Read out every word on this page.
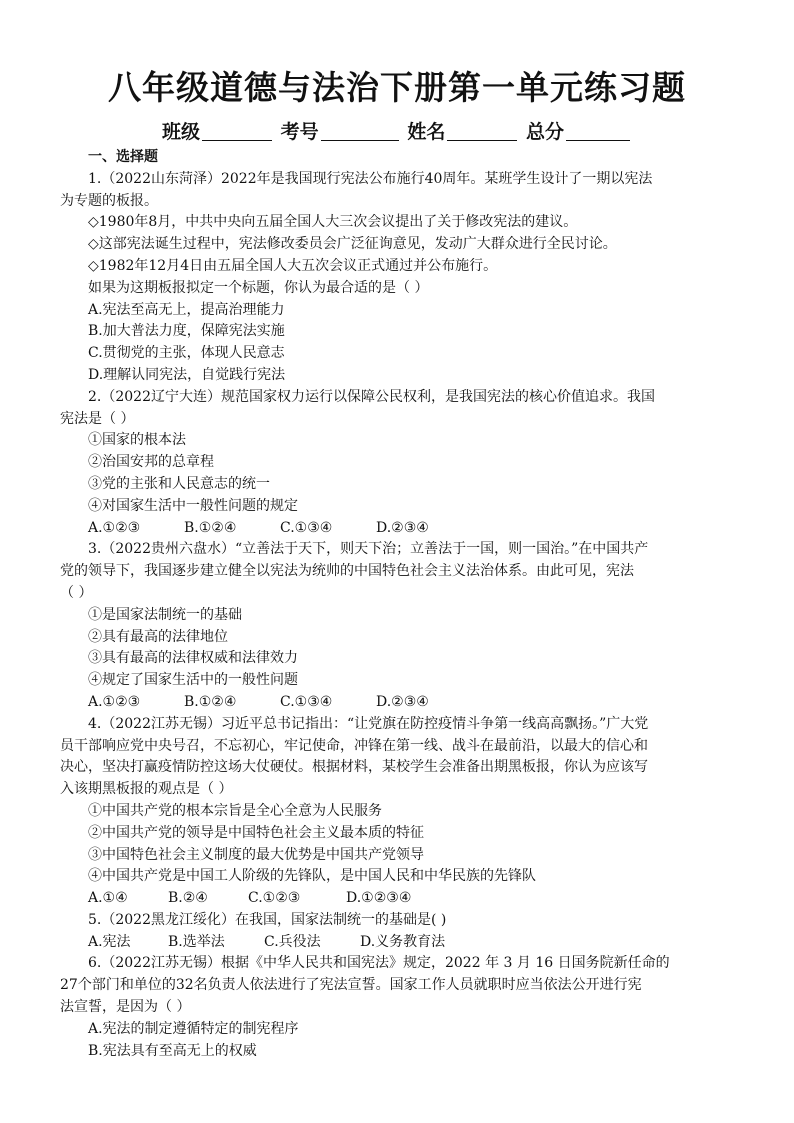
八年级道德与法治下册第一单元练习题
班级	考号	姓名	总分
一、选择题
1.（2022山东菏泽）2022年是我国现行宪法公布施行40周年。某班学生设计了一期以宪法
为专题的板报。
◇1980年8月，中共中央向五届全国人大三次会议提出了关于修改宪法的建议。
◇这部宪法诞生过程中，宪法修改委员会广泛征询意见，发动广大群众进行全民讨论。
◇1982年12月4日由五届全国人大五次会议正式通过并公布施行。
如果为这期板报拟定一个标题，你认为最合适的是（ ）
A.宪法至高无上，提高治理能力
B.加大普法力度，保障宪法实施
C.贯彻党的主张，体现人民意志
D.理解认同宪法，自觉践行宪法
2.（2022辽宁大连）规范国家权力运行以保障公民权利，是我国宪法的核心价值追求。我国
宪法是（ ）
①国家的根本法
②治国安邦的总章程
③党的主张和人民意志的统一
④对国家生活中一般性问题的规定
A.①②③	B.①②④	C.①③④	D.②③④
3.（2022贵州六盘水）“立善法于天下，则天下治；立善法于一国，则一国治。”在中国共产
党的领导下，我国逐步建立健全以宪法为统帅的中国特色社会主义法治体系。由此可见，宪法
（ ）
①是国家法制统一的基础
②具有最高的法律地位
③具有最高的法律权威和法律效力
④规定了国家生活中的一般性问题
A.①②③	B.①②④	C.①③④	D.②③④
4.（2022江苏无锡）习近平总书记指出：“让党旗在防控疫情斗争第一线高高飘扬。”广大党
员干部响应党中央号召，不忘初心，牢记使命，冲锋在第一线、战斗在最前沿，以最大的信心和
决心，坚决打赢疫情防控这场大仗硬仗。根据材料，某校学生会准备出期黑板报，你认为应该写
入该期黑板报的观点是（ ）
①中国共产党的根本宗旨是全心全意为人民服务
②中国共产党的领导是中国特色社会主义最本质的特征
③中国特色社会主义制度的最大优势是中国共产党领导
④中国共产党是中国工人阶级的先锋队，是中国人民和中华民族的先锋队
A.①④	B.②④	C.①②③	D.①②③④
5.（2022黑龙江绥化）在我国，国家法制统一的基础是( )
A.宪法	B.选举法	C.兵役法	D.义务教育法
6.（2022江苏无锡）根据《中华人民共和国宪法》规定，2022 年 3 月 16 日国务院新任命的
27个部门和单位的32名负责人依法进行了宪法宣誓。国家工作人员就职时应当依法公开进行宪
法宣誓，是因为（ ）
A.宪法的制定遵循特定的制宪程序
B.宪法具有至高无上的权威
